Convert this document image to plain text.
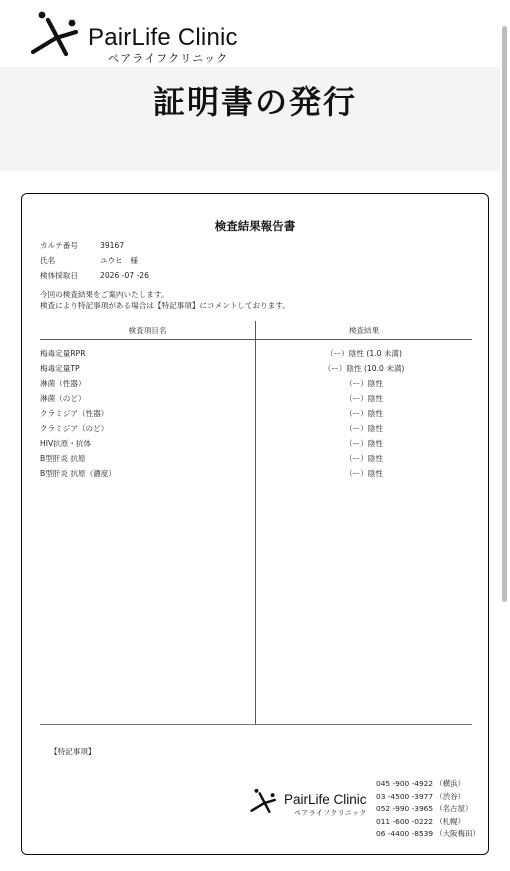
PairLife Clinic
ペアライフクリニック
証明書の発行
検査結果報告書
カルテ番号	39167
氏名	ユウヒ　様
検体採取日	2026 -07 -26
今回の検査結果をご案内いたします。
検査により特記事項がある場合は【特記事項】にコメントしております。
検査項目名	検査結果
梅毒定量RPR	（ー）陰性 (1.0 未満)
梅毒定量TP	（ー）陰性 (10.0 未満)
淋菌（性器）	（ー）陰性
淋菌（のど）	（ー）陰性
クラミジア（性器）	（ー）陰性
クラミジア（のど）	（ー）陰性
HIV抗原・抗体	（ー）陰性
B型肝炎 抗原	（ー）陰性
B型肝炎 抗原（濃度）	（ー）陰性
【特記事項】
PairLife Clinic
ペアライフクリニック
045 -900 -4922 （横浜）
03 -4500 -3977 （渋谷）
052 -990 -3965 （名古屋）
011 -600 -0222 （札幌）
06 -4400 -8539 （大阪梅田）
